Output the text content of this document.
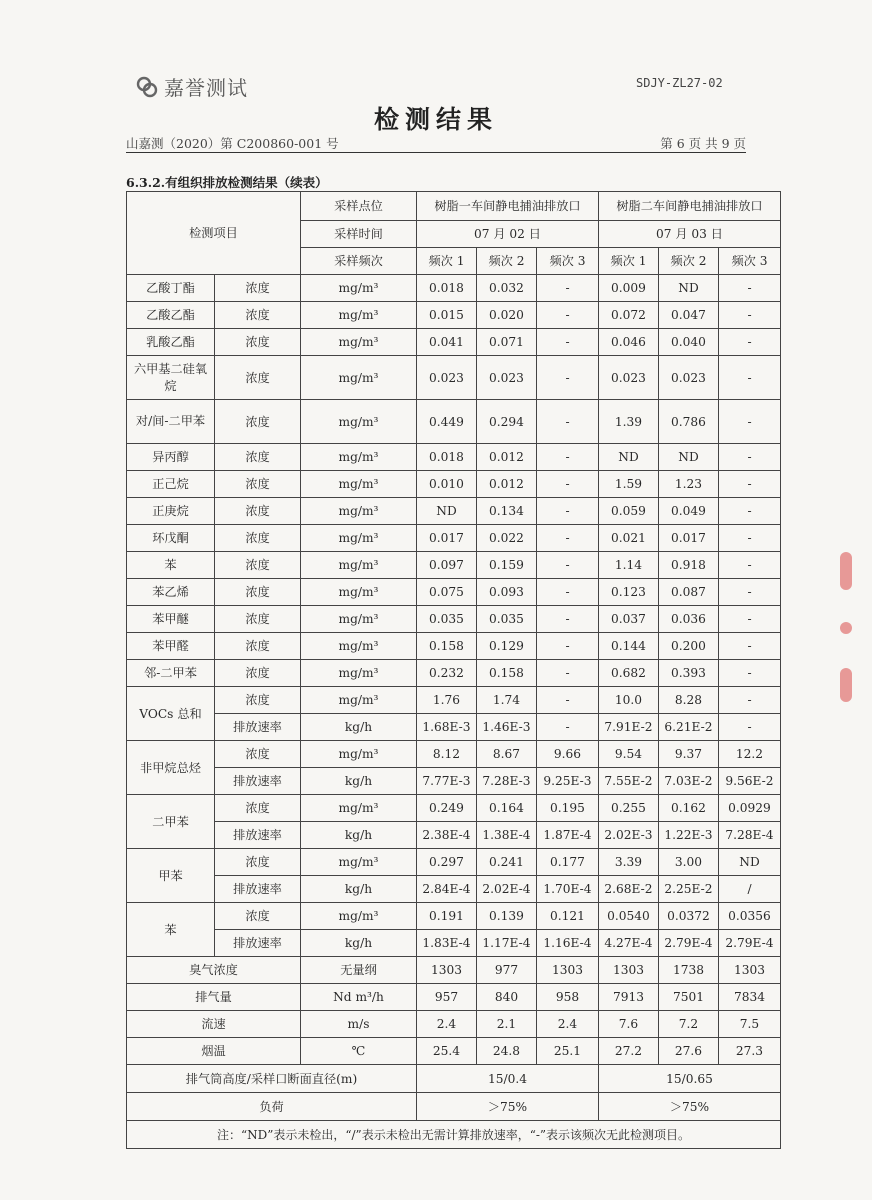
嘉誉测试	SDJY-ZL27-02
检测结果
山嘉测（2020）第 C200860-001 号	第 6 页 共 9 页
6.3.2.有组织排放检测结果（续表）
检测项目		采样点位	树脂一车间静电捕油排放口			树脂二车间静电捕油排放口		
		采样时间	07 月 02 日			07 月 03 日		
		采样频次	频次 1	频次 2	频次 3	频次 1	频次 2	频次 3
乙酸丁酯	浓度	mg/m³	0.018	0.032	-	0.009	ND	-
乙酸乙酯	浓度	mg/m³	0.015	0.020	-	0.072	0.047	-
乳酸乙酯	浓度	mg/m³	0.041	0.071	-	0.046	0.040	-
六甲基二硅氧烷	浓度	mg/m³	0.023	0.023	-	0.023	0.023	-
对/间-二甲苯	浓度	mg/m³	0.449	0.294	-	1.39	0.786	-
异丙醇	浓度	mg/m³	0.018	0.012	-	ND	ND	-
正己烷	浓度	mg/m³	0.010	0.012	-	1.59	1.23	-
正庚烷	浓度	mg/m³	ND	0.134	-	0.059	0.049	-
环戊酮	浓度	mg/m³	0.017	0.022	-	0.021	0.017	-
苯	浓度	mg/m³	0.097	0.159	-	1.14	0.918	-
苯乙烯	浓度	mg/m³	0.075	0.093	-	0.123	0.087	-
苯甲醚	浓度	mg/m³	0.035	0.035	-	0.037	0.036	-
苯甲醛	浓度	mg/m³	0.158	0.129	-	0.144	0.200	-
邻-二甲苯	浓度	mg/m³	0.232	0.158	-	0.682	0.393	-
VOCs 总和	浓度	mg/m³	1.76	1.74	-	10.0	8.28	-
	排放速率	kg/h	1.68E-3	1.46E-3	-	7.91E-2	6.21E-2	-
非甲烷总烃	浓度	mg/m³	8.12	8.67	9.66	9.54	9.37	12.2
	排放速率	kg/h	7.77E-3	7.28E-3	9.25E-3	7.55E-2	7.03E-2	9.56E-2
二甲苯	浓度	mg/m³	0.249	0.164	0.195	0.255	0.162	0.0929
	排放速率	kg/h	2.38E-4	1.38E-4	1.87E-4	2.02E-3	1.22E-3	7.28E-4
甲苯	浓度	mg/m³	0.297	0.241	0.177	3.39	3.00	ND
	排放速率	kg/h	2.84E-4	2.02E-4	1.70E-4	2.68E-2	2.25E-2	/
苯	浓度	mg/m³	0.191	0.139	0.121	0.0540	0.0372	0.0356
	排放速率	kg/h	1.83E-4	1.17E-4	1.16E-4	4.27E-4	2.79E-4	2.79E-4
臭气浓度		无量纲	1303	977	1303	1303	1738	1303
排气量		Nd m³/h	957	840	958	7913	7501	7834
流速		m/s	2.4	2.1	2.4	7.6	7.2	7.5
烟温		℃	25.4	24.8	25.1	27.2	27.6	27.3
排气筒高度/采样口断面直径(m)			15/0.4			15/0.65		
负荷			＞75%			＞75%		
注：“ND”表示未检出，“/”表示未检出无需计算排放速率，“-”表示该频次无此检测项目。								
